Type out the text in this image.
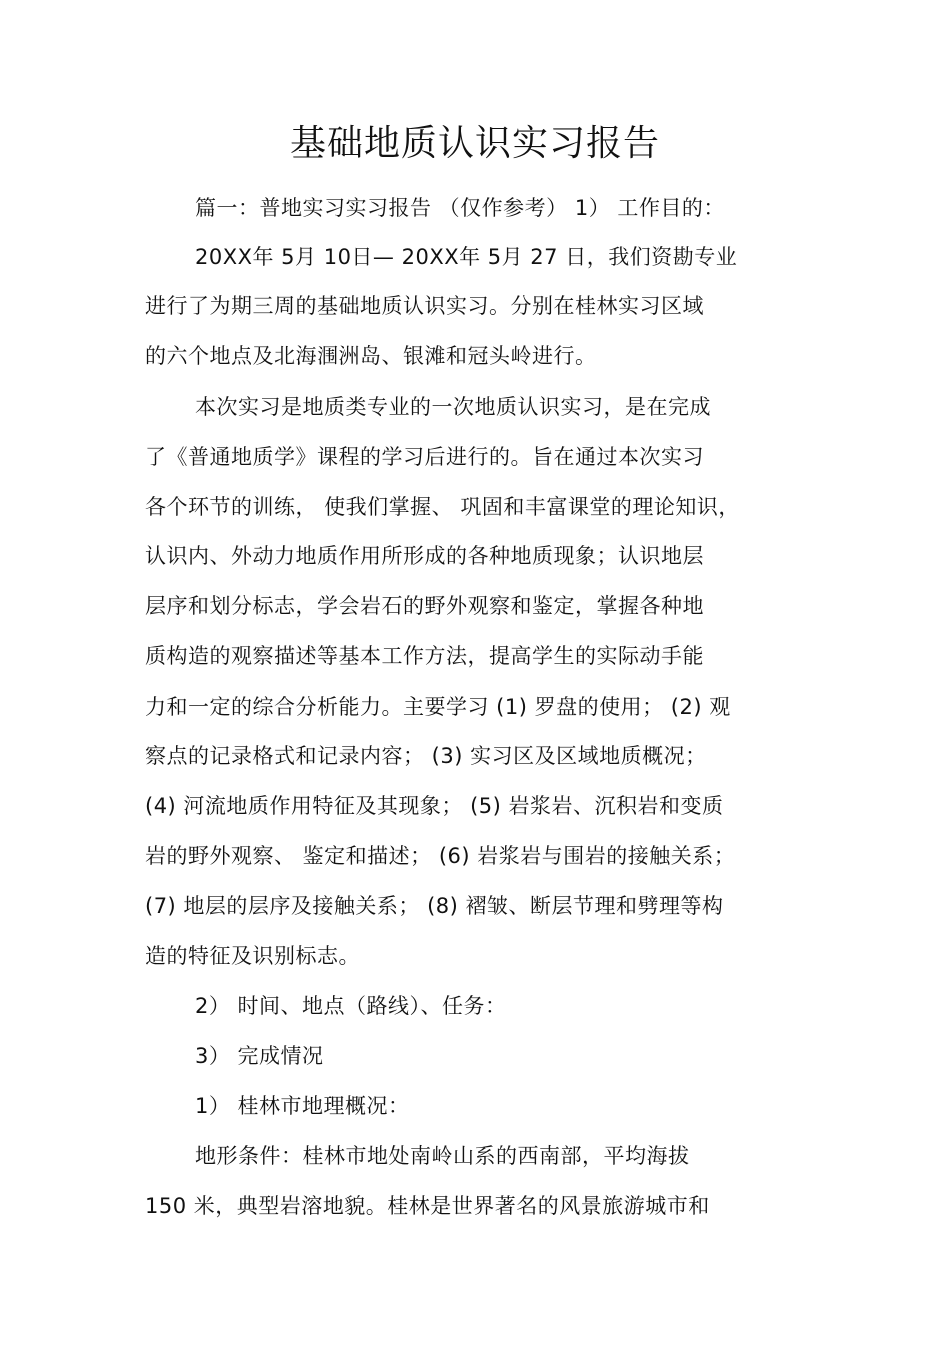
基础地质认识实习报告
篇一：普地实习实习报告 （仅作参考） 1） 工作目的：
20XX年 5月 10日— 20XX年 5月 27 日，我们资勘专业
进行了为期三周的基础地质认识实习。分别在桂林实习区域
的六个地点及北海涠洲岛、银滩和冠头岭进行。
本次实习是地质类专业的一次地质认识实习，是在完成
了《普通地质学》课程的学习后进行的。旨在通过本次实习
各个环节的训练， 使我们掌握、 巩固和丰富课堂的理论知识，
认识内、外动力地质作用所形成的各种地质现象；认识地层
层序和划分标志，学会岩石的野外观察和鉴定，掌握各种地
质构造的观察描述等基本工作方法，提高学生的实际动手能
力和一定的综合分析能力。主要学习 (1) 罗盘的使用； (2) 观
察点的记录格式和记录内容； (3) 实习区及区域地质概况；
(4) 河流地质作用特征及其现象； (5) 岩浆岩、沉积岩和变质
岩的野外观察、 鉴定和描述； (6) 岩浆岩与围岩的接触关系；
(7) 地层的层序及接触关系； (8) 褶皱、断层节理和劈理等构
造的特征及识别标志。
2） 时间、地点（路线）、任务：
3） 完成情况
1） 桂林市地理概况：
地形条件：桂林市地处南岭山系的西南部，平均海拔
150 米，典型岩溶地貌。桂林是世界著名的风景旅游城市和
